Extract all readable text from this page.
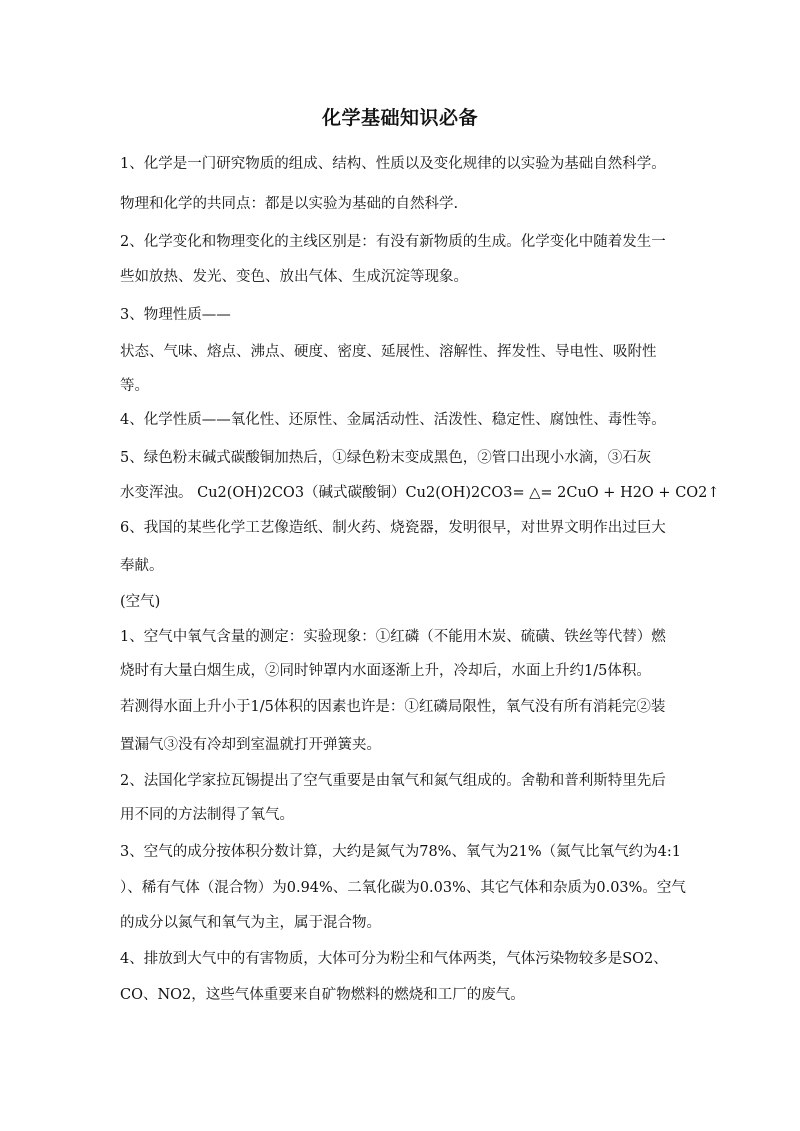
化学基础知识必备
1、化学是一门研究物质的组成、结构、性质以及变化规律的以实验为基础自然科学。
物理和化学的共同点：都是以实验为基础的自然科学.
2、化学变化和物理变化的主线区别是：有没有新物质的生成。化学变化中随着发生一
些如放热、发光、变色、放出气体、生成沉淀等现象。
3、物理性质——
状态、气味、熔点、沸点、硬度、密度、延展性、溶解性、挥发性、导电性、吸附性
等。
4、化学性质——氧化性、还原性、金属活动性、活泼性、稳定性、腐蚀性、毒性等。
5、绿色粉末碱式碳酸铜加热后，①绿色粉末变成黑色，②管口出现小水滴，③石灰
水变浑浊。 Cu2(OH)2CO3（碱式碳酸铜）Cu2(OH)2CO3= △= 2CuO + H2O + CO2↑
6、我国的某些化学工艺像造纸、制火药、烧瓷器，发明很早，对世界文明作出过巨大
奉献。
(空气)
1、空气中氧气含量的测定：实验现象：①红磷（不能用木炭、硫磺、铁丝等代替）燃
烧时有大量白烟生成，②同时钟罩内水面逐渐上升，冷却后，水面上升约1/5体积。
若测得水面上升小于1/5体积的因素也许是：①红磷局限性，氧气没有所有消耗完②装
置漏气③没有冷却到室温就打开弹簧夹。
2、法国化学家拉瓦锡提出了空气重要是由氧气和氮气组成的。舍勒和普利斯特里先后
用不同的方法制得了氧气。
3、空气的成分按体积分数计算，大约是氮气为78%、氧气为21%（氮气比氧气约为4:1
）、稀有气体（混合物）为0.94%、二氧化碳为0.03%、其它气体和杂质为0.03%。空气
的成分以氮气和氧气为主，属于混合物。
4、排放到大气中的有害物质，大体可分为粉尘和气体两类，气体污染物较多是SO2、
CO、NO2，这些气体重要来自矿物燃料的燃烧和工厂的废气。
